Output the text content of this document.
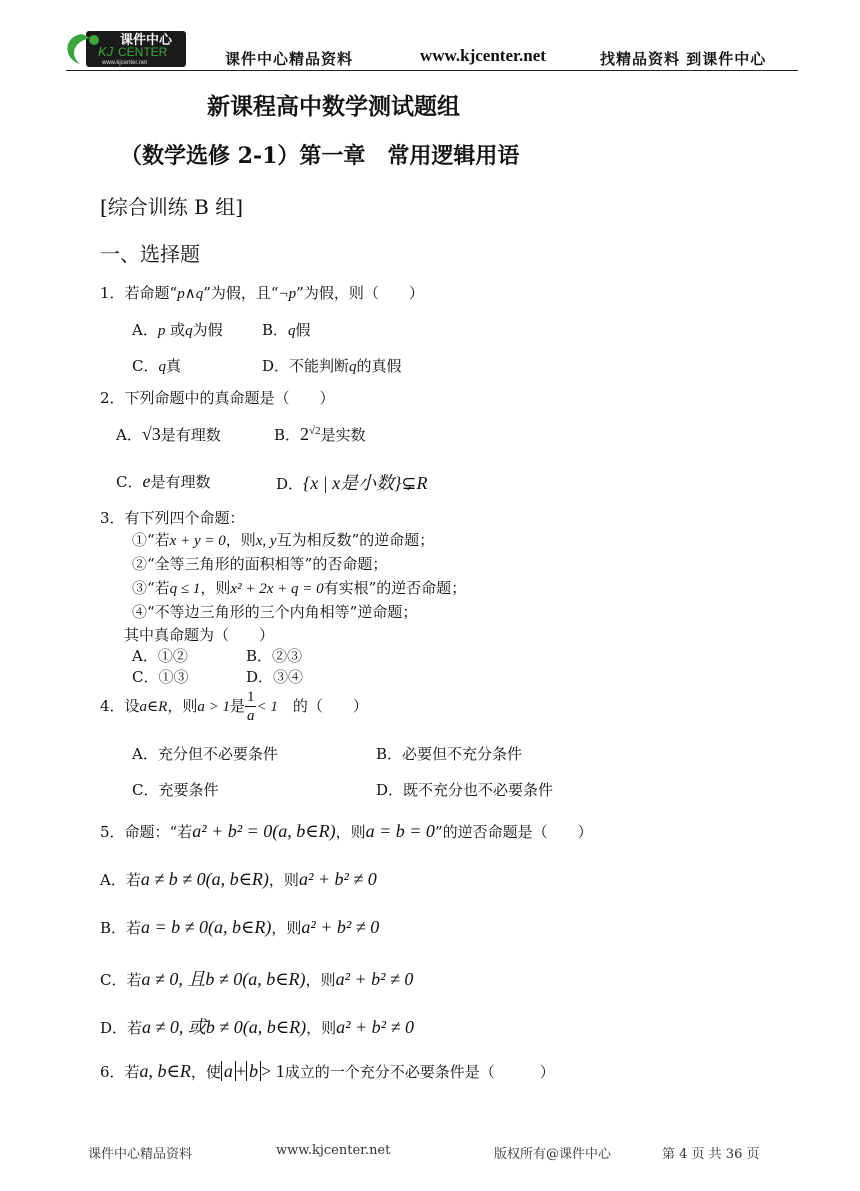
课件中心
KJ CENTER
www.kjcenter.net	课件中心精品资料	www.kjcenter.net	找精品资料 到课件中心
新课程高中数学测试题组
（数学选修 2-1）第一章　常用逻辑用语
[综合训练 B 组]
一、选择题
1．若命题“p∧q”为假，且“¬p”为假，则（　　）
A．p 或q为假	B．q假
C．q真	D．不能判断q的真假
2．下列命题中的真命题是（　　）
A．√3是有理数	B．$2^{√2}$是实数
C．e是有理数	D．{x | x是小数}⊊R
3．有下列四个命题：
①“若x + y = 0，则x, y互为相反数”的逆命题；
②“全等三角形的面积相等”的否命题；
③“若q ≤ 1，则x² + 2x + q = 0有实根”的逆否命题；
④“不等边三角形的三个内角相等”逆命题；
其中真命题为（　　）
A．①②	B．②③
C．①③	D．③④
4．设a∈R，则a > 1是 $\frac{1}{a} < 1$　 的（　　）
A．充分但不必要条件	B．必要但不充分条件
C．充要条件	D．既不充分也不必要条件
5．命题：“若a² + b² = 0(a, b∈R)，则a = b = 0”的逆否命题是（　　）
A．若a ≠ b ≠ 0(a, b∈R)，则a² + b² ≠ 0
B．若a = b ≠ 0(a, b∈R)，则a² + b² ≠ 0
C．若a ≠ 0, 且b ≠ 0(a, b∈R)，则a² + b² ≠ 0
D．若a ≠ 0, 或b ≠ 0(a, b∈R)，则a² + b² ≠ 0
6．若a, b∈R，使 a + b > 1成立的一个充分不必要条件是（　　　）
课件中心精品资料	www.kjcenter.net	版权所有@课件中心	第 4 页 共 36 页
